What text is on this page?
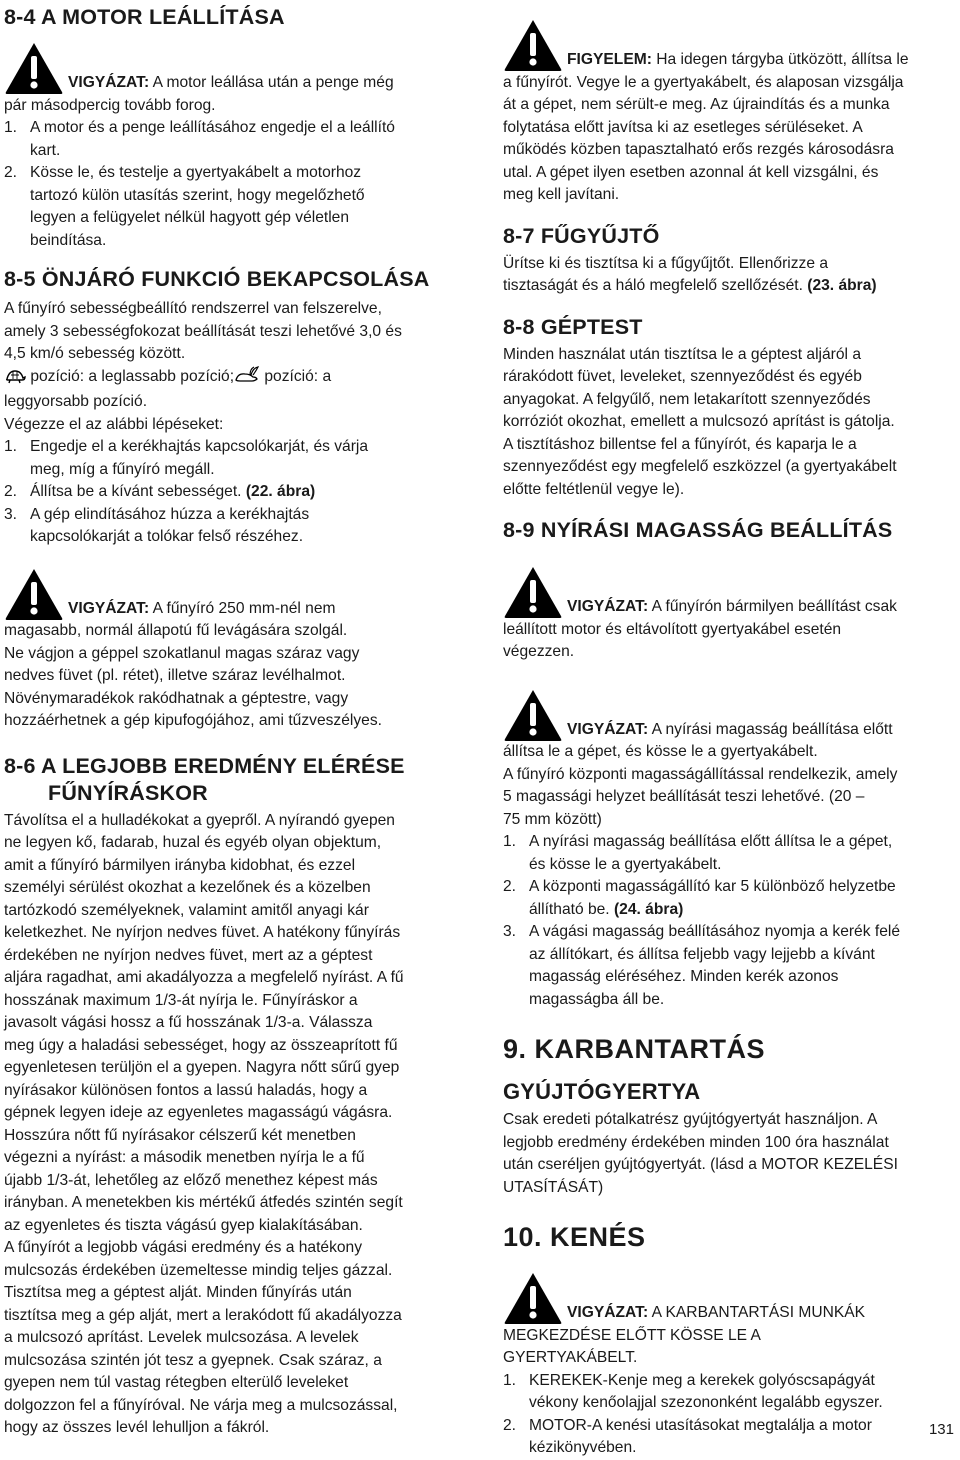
8-4 A MOTOR LEÁLLÍTÁSA

VIGYÁZAT: A motor leállása után a penge még

pár másodpercig tovább forog.

1. A motor és a penge leállításához engedje el a leállító
kart.
2. Kösse le, és testelje a gyertyakábelt a motorhoz
tartozó külön utasítás szerint, hogy megelőzhető
legyen a felügyelet nélkül hagyott gép véletlen
beindítása.
8-5 ÖNJÁRÓ FUNKCIÓ BEKAPCSOLÁSA
A fűnyíró sebességbeállító rendszerrel van felszerelve,
amely 3 sebességfokozat beállítását teszi lehetővé 3,0 és
4,5 km/ó sebesség között.
pozíció: a leglassabb pozíció; pozíció: a
leggyorsabb pozíció.
Végezze el az alábbi lépéseket:
1. Engedje el a kerékhajtás kapcsolókarját, és várja
meg, míg a fűnyíró megáll.
2. Állítsa be a kívánt sebességet. (22. ábra)
3. A gép elindításához húzza a kerékhajtás
kapcsolókarját a tolókar felső részéhez.

VIGYÁZAT: A fűnyíró 250 mm-nél nem

magasabb, normál állapotú fű levágására szolgál.
Ne vágjon a géppel szokatlanul magas száraz vagy
nedves füvet (pl. rétet), illetve száraz levélhalmot.
Növénymaradékok rakódhatnak a géptestre, vagy
hozzáérhetnek a gép kipufogójához, ami tűzveszélyes.
8-6 A LEGJOBB EREDMÉNY ELÉRÉSE
FŰNYÍRÁSKOR
Távolítsa el a hulladékokat a gyepről. A nyírandó gyepen
ne legyen kő, fadarab, huzal és egyéb olyan objektum,
amit a fűnyíró bármilyen irányba kidobhat, és ezzel
személyi sérülést okozhat a kezelőnek és a közelben
tartózkodó személyeknek, valamint amitől anyagi kár
keletkezhet. Ne nyírjon nedves füvet. A hatékony fűnyírás
érdekében ne nyírjon nedves füvet, mert az a géptest
aljára ragadhat, ami akadályozza a megfelelő nyírást. A fű
hosszának maximum 1/3-át nyírja le. Fűnyíráskor a
javasolt vágási hossz a fű hosszának 1/3-a. Válassza
meg úgy a haladási sebességet, hogy az összeaprított fű
egyenletesen terüljön el a gyepen. Nagyra nőtt sűrű gyep
nyírásakor különösen fontos a lassú haladás, hogy a
gépnek legyen ideje az egyenletes magasságú vágásra.
Hosszúra nőtt fű nyírásakor célszerű két menetben
végezni a nyírást: a második menetben nyírja le a fű
újabb 1/3-át, lehetőleg az előző menethez képest más
irányban. A menetekben kis mértékű átfedés szintén segít
az egyenletes és tiszta vágású gyep kialakításában.
A fűnyírót a legjobb vágási eredmény és a hatékony
mulcsozás érdekében üzemeltesse mindig teljes gázzal.
Tisztítsa meg a géptest alját. Minden fűnyírás után
tisztítsa meg a gép alját, mert a lerakódott fű akadályozza
a mulcsozó aprítást. Levelek mulcsozása. A levelek
mulcsozása szintén jót tesz a gyepnek. Csak száraz, a
gyepen nem túl vastag rétegben elterülő leveleket
dolgozzon fel a fűnyíróval. Ne várja meg a mulcsozással,
hogy az összes levél lehulljon a fákról.

FIGYELEM: Ha idegen tárgyba ütközött, állítsa le

a fűnyírót. Vegye le a gyertyakábelt, és alaposan vizsgálja
át a gépet, nem sérült-e meg. Az újraindítás és a munka
folytatása előtt javítsa ki az esetleges sérüléseket. A
működés közben tapasztalható erős rezgés károsodásra
utal. A gépet ilyen esetben azonnal át kell vizsgálni, és
meg kell javítani.
8-7 FŰGYŰJTŐ
Ürítse ki és tisztítsa ki a fűgyűjtőt. Ellenőrizze a
tisztaságát és a háló megfelelő szellőzését. (23. ábra)
8-8 GÉPTEST
Minden használat után tisztítsa le a géptest aljáról a
rárakódott füvet, leveleket, szennyeződést és egyéb
anyagokat. A felgyűlő, nem letakarított szennyeződés
korróziót okozhat, emellett a mulcsozó aprítást is gátolja.
A tisztításhoz billentse fel a fűnyírót, és kaparja le a
szennyeződést egy megfelelő eszközzel (a gyertyakábelt
előtte feltétlenül vegye le).
8-9 NYÍRÁSI MAGASSÁG BEÁLLÍTÁS

VIGYÁZAT: A fűnyírón bármilyen beállítást csak

leállított motor és eltávolított gyertyakábel esetén
végezzen.

VIGYÁZAT: A nyírási magasság beállítása előtt

állítsa le a gépet, és kösse le a gyertyakábelt.
A fűnyíró központi magasságállítással rendelkezik, amely
5 magassági helyzet beállítását teszi lehetővé. (20 –
75 mm között)
1. A nyírási magasság beállítása előtt állítsa le a gépet,
és kösse le a gyertyakábelt.
2. A központi magasságállító kar 5 különböző helyzetbe
állítható be. (24. ábra)
3. A vágási magasság beállításához nyomja a kerék felé
az állítókart, és állítsa feljebb vagy lejjebb a kívánt
magasság eléréséhez. Minden kerék azonos
magasságba áll be.
9. KARBANTARTÁS
GYÚJTÓGYERTYA
Csak eredeti pótalkatrész gyújtógyertyát használjon. A
legjobb eredmény érdekében minden 100 óra használat
után cseréljen gyújtógyertyát. (lásd a MOTOR KEZELÉSI
UTASÍTÁSÁT)
10. KENÉS

VIGYÁZAT: A KARBANTARTÁSI MUNKÁK

MEGKEZDÉSE ELŐTT KÖSSE LE A
GYERTYAKÁBELT.
1. KEREKEK-Kenje meg a kerekek golyóscsapágyát
vékony kenőolajjal szezononként legalább egyszer.
2. MOTOR-A kenési utasításokat megtalálja a motor
kézikönyvében.
131
